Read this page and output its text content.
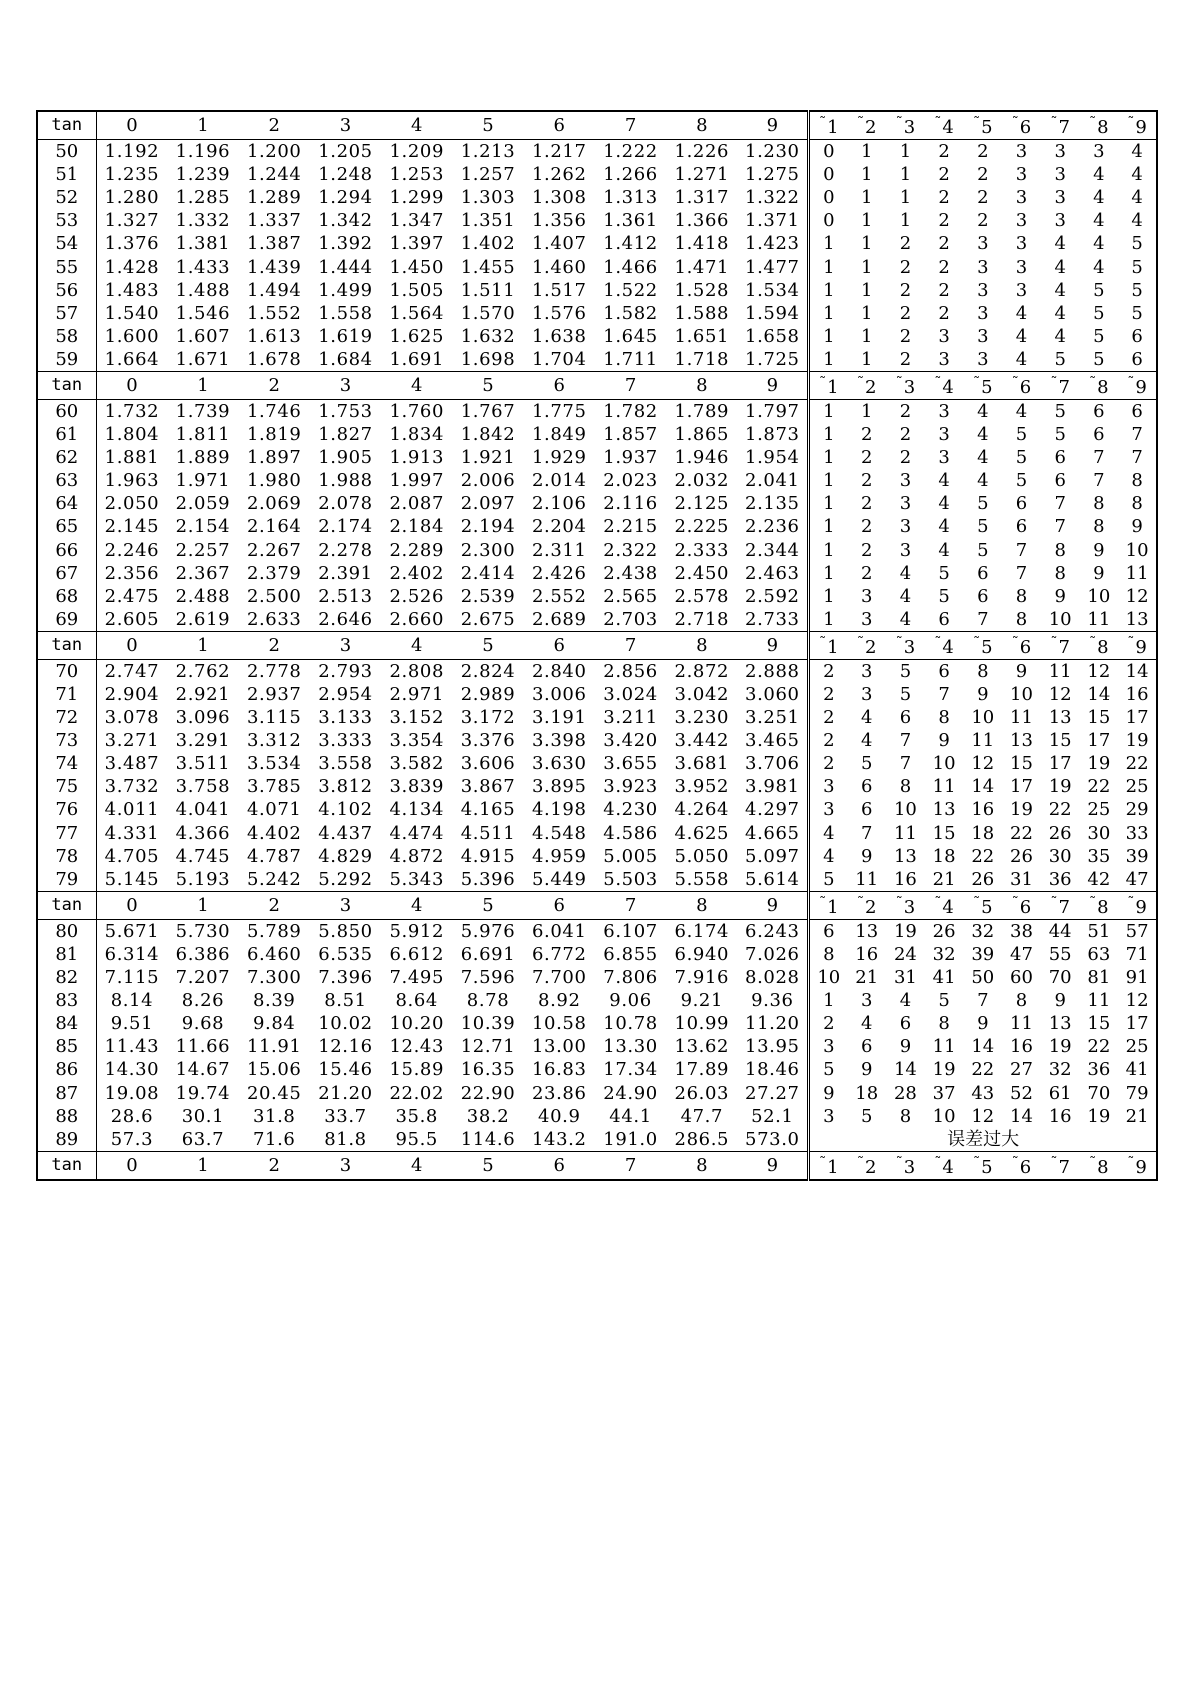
tan	0	1	2	3	4	5	6	7	8	9	˜1	˜2	˜3	˜4	˜5	˜6	˜7	˜8	˜9
50	1.192	1.196	1.200	1.205	1.209	1.213	1.217	1.222	1.226	1.230	0	1	1	2	2	3	3	3	4
51	1.235	1.239	1.244	1.248	1.253	1.257	1.262	1.266	1.271	1.275	0	1	1	2	2	3	3	4	4
52	1.280	1.285	1.289	1.294	1.299	1.303	1.308	1.313	1.317	1.322	0	1	1	2	2	3	3	4	4
53	1.327	1.332	1.337	1.342	1.347	1.351	1.356	1.361	1.366	1.371	0	1	1	2	2	3	3	4	4
54	1.376	1.381	1.387	1.392	1.397	1.402	1.407	1.412	1.418	1.423	1	1	2	2	3	3	4	4	5
55	1.428	1.433	1.439	1.444	1.450	1.455	1.460	1.466	1.471	1.477	1	1	2	2	3	3	4	4	5
56	1.483	1.488	1.494	1.499	1.505	1.511	1.517	1.522	1.528	1.534	1	1	2	2	3	3	4	5	5
57	1.540	1.546	1.552	1.558	1.564	1.570	1.576	1.582	1.588	1.594	1	1	2	2	3	4	4	5	5
58	1.600	1.607	1.613	1.619	1.625	1.632	1.638	1.645	1.651	1.658	1	1	2	3	3	4	4	5	6
59	1.664	1.671	1.678	1.684	1.691	1.698	1.704	1.711	1.718	1.725	1	1	2	3	3	4	5	5	6
tan	0	1	2	3	4	5	6	7	8	9	˜1	˜2	˜3	˜4	˜5	˜6	˜7	˜8	˜9
60	1.732	1.739	1.746	1.753	1.760	1.767	1.775	1.782	1.789	1.797	1	1	2	3	4	4	5	6	6
61	1.804	1.811	1.819	1.827	1.834	1.842	1.849	1.857	1.865	1.873	1	2	2	3	4	5	5	6	7
62	1.881	1.889	1.897	1.905	1.913	1.921	1.929	1.937	1.946	1.954	1	2	2	3	4	5	6	7	7
63	1.963	1.971	1.980	1.988	1.997	2.006	2.014	2.023	2.032	2.041	1	2	3	4	4	5	6	7	8
64	2.050	2.059	2.069	2.078	2.087	2.097	2.106	2.116	2.125	2.135	1	2	3	4	5	6	7	8	8
65	2.145	2.154	2.164	2.174	2.184	2.194	2.204	2.215	2.225	2.236	1	2	3	4	5	6	7	8	9
66	2.246	2.257	2.267	2.278	2.289	2.300	2.311	2.322	2.333	2.344	1	2	3	4	5	7	8	9	10
67	2.356	2.367	2.379	2.391	2.402	2.414	2.426	2.438	2.450	2.463	1	2	4	5	6	7	8	9	11
68	2.475	2.488	2.500	2.513	2.526	2.539	2.552	2.565	2.578	2.592	1	3	4	5	6	8	9	10	12
69	2.605	2.619	2.633	2.646	2.660	2.675	2.689	2.703	2.718	2.733	1	3	4	6	7	8	10	11	13
tan	0	1	2	3	4	5	6	7	8	9	˜1	˜2	˜3	˜4	˜5	˜6	˜7	˜8	˜9
70	2.747	2.762	2.778	2.793	2.808	2.824	2.840	2.856	2.872	2.888	2	3	5	6	8	9	11	12	14
71	2.904	2.921	2.937	2.954	2.971	2.989	3.006	3.024	3.042	3.060	2	3	5	7	9	10	12	14	16
72	3.078	3.096	3.115	3.133	3.152	3.172	3.191	3.211	3.230	3.251	2	4	6	8	10	11	13	15	17
73	3.271	3.291	3.312	3.333	3.354	3.376	3.398	3.420	3.442	3.465	2	4	7	9	11	13	15	17	19
74	3.487	3.511	3.534	3.558	3.582	3.606	3.630	3.655	3.681	3.706	2	5	7	10	12	15	17	19	22
75	3.732	3.758	3.785	3.812	3.839	3.867	3.895	3.923	3.952	3.981	3	6	8	11	14	17	19	22	25
76	4.011	4.041	4.071	4.102	4.134	4.165	4.198	4.230	4.264	4.297	3	6	10	13	16	19	22	25	29
77	4.331	4.366	4.402	4.437	4.474	4.511	4.548	4.586	4.625	4.665	4	7	11	15	18	22	26	30	33
78	4.705	4.745	4.787	4.829	4.872	4.915	4.959	5.005	5.050	5.097	4	9	13	18	22	26	30	35	39
79	5.145	5.193	5.242	5.292	5.343	5.396	5.449	5.503	5.558	5.614	5	11	16	21	26	31	36	42	47
tan	0	1	2	3	4	5	6	7	8	9	˜1	˜2	˜3	˜4	˜5	˜6	˜7	˜8	˜9
80	5.671	5.730	5.789	5.850	5.912	5.976	6.041	6.107	6.174	6.243	6	13	19	26	32	38	44	51	57
81	6.314	6.386	6.460	6.535	6.612	6.691	6.772	6.855	6.940	7.026	8	16	24	32	39	47	55	63	71
82	7.115	7.207	7.300	7.396	7.495	7.596	7.700	7.806	7.916	8.028	10	21	31	41	50	60	70	81	91
83	8.14	8.26	8.39	8.51	8.64	8.78	8.92	9.06	9.21	9.36	1	3	4	5	7	8	9	11	12
84	9.51	9.68	9.84	10.02	10.20	10.39	10.58	10.78	10.99	11.20	2	4	6	8	9	11	13	15	17
85	11.43	11.66	11.91	12.16	12.43	12.71	13.00	13.30	13.62	13.95	3	6	9	11	14	16	19	22	25
86	14.30	14.67	15.06	15.46	15.89	16.35	16.83	17.34	17.89	18.46	5	9	14	19	22	27	32	36	41
87	19.08	19.74	20.45	21.20	22.02	22.90	23.86	24.90	26.03	27.27	9	18	28	37	43	52	61	70	79
88	28.6	30.1	31.8	33.7	35.8	38.2	40.9	44.1	47.7	52.1	3	5	8	10	12	14	16	19	21
89	57.3	63.7	71.6	81.8	95.5	114.6	143.2	191.0	286.5	573.0	误差过大								
tan	0	1	2	3	4	5	6	7	8	9	˜1	˜2	˜3	˜4	˜5	˜6	˜7	˜8	˜9
